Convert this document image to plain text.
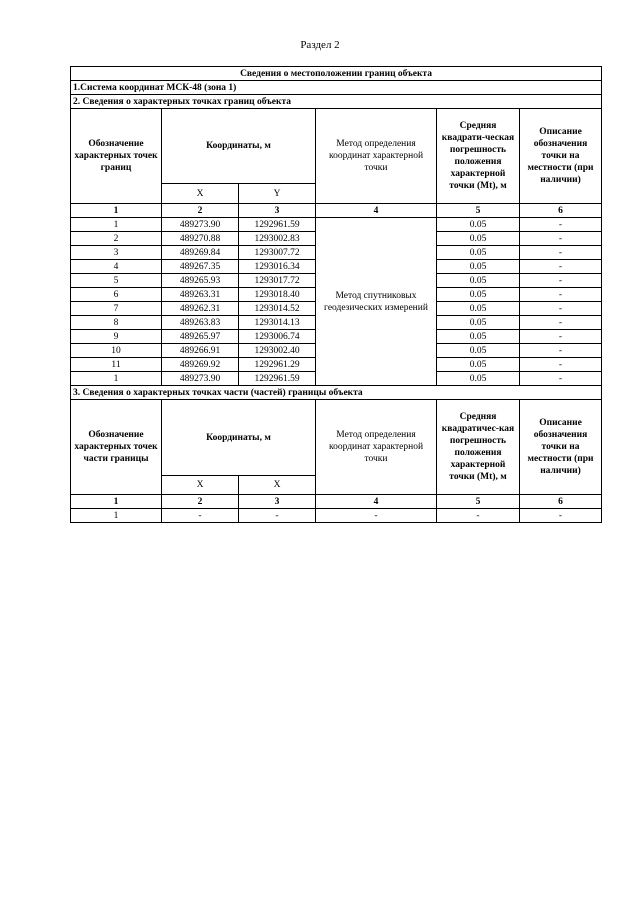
Раздел 2
Сведения о местоположении границ объекта					
1.Система координат МСК-48 (зона 1)					
2. Сведения о характерных точках границ объекта					
Обозначение характерных точек границ	Координаты, м		Метод определения координат характерной точки	Средняя квадрати-ческая погрешность положения характерной точки (Mt), м	Описание обозначения точки на местности (при наличии)
	X	Y			
1	2	3	4	5	6
1	489273.90	1292961.59	Метод спутниковых геодезических измерений	0.05	-
2	489270.88	1293002.83		0.05	-
3	489269.84	1293007.72		0.05	-
4	489267.35	1293016.34		0.05	-
5	489265.93	1293017.72		0.05	-
6	489263.31	1293018.40		0.05	-
7	489262.31	1293014.52		0.05	-
8	489263.83	1293014.13		0.05	-
9	489265.97	1293006.74		0.05	-
10	489266.91	1293002.40		0.05	-
11	489269.92	1292961.29		0.05	-
1	489273.90	1292961.59		0.05	-
3. Сведения о характерных точках части (частей) границы объекта					
Обозначение характерных точек части границы	Координаты, м		Метод определения координат характерной точки	Средняя квадратичес-кая погрешность положения характерной точки (Mt), м	Описание обозначения точки на местности (при наличии)
	X	X			
1	2	3	4	5	6
1	-	-	-	-	-
